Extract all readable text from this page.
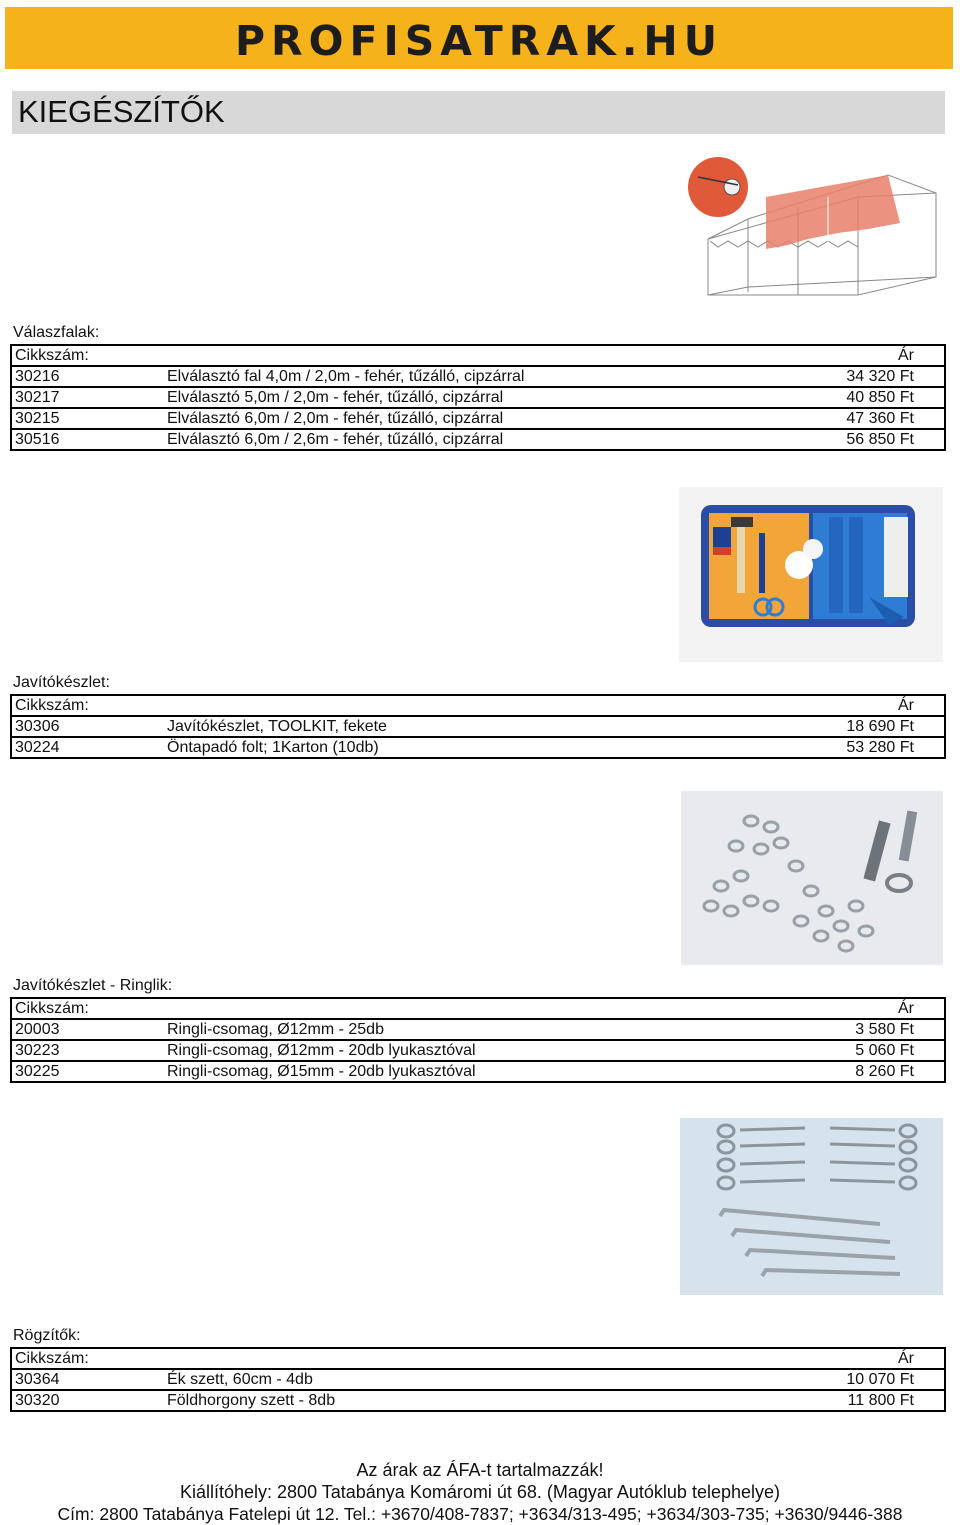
PROFISATRAK.HU
KIEGÉSZÍTŐK
Válaszfalak:
Cikkszám:		Ár
30216	Elválasztó fal 4,0m / 2,0m - fehér, tűzálló, cipzárral	34 320 Ft
30217	Elválasztó 5,0m / 2,0m - fehér, tűzálló, cipzárral	40 850 Ft
30215	Elválasztó 6,0m / 2,0m - fehér, tűzálló, cipzárral	47 360 Ft
30516	Elválasztó 6,0m / 2,6m - fehér, tűzálló, cipzárral	56 850 Ft
Javítókészlet:
Cikkszám:		Ár
30306	Javítókészlet, TOOLKIT, fekete	18 690 Ft
30224	Öntapadó folt; 1Karton (10db)	53 280 Ft
Javítókészlet - Ringlik:
Cikkszám:		Ár
20003	Ringli-csomag, Ø12mm - 25db	3 580 Ft
30223	Ringli-csomag, Ø12mm - 20db lyukasztóval	5 060 Ft
30225	Ringli-csomag, Ø15mm - 20db lyukasztóval	8 260 Ft
Rögzítők:
Cikkszám:		Ár
30364	Ék szett, 60cm - 4db	10 070 Ft
30320	Földhorgony szett - 8db	11 800 Ft
Az árak az ÁFA-t tartalmazzák!
Kiállítóhely: 2800 Tatabánya Komáromi út 68. (Magyar Autóklub telephelye)
Cím: 2800 Tatabánya Fatelepi út 12. Tel.: +3670/408-7837; +3634/313-495; +3634/303-735; +3630/9446-388
